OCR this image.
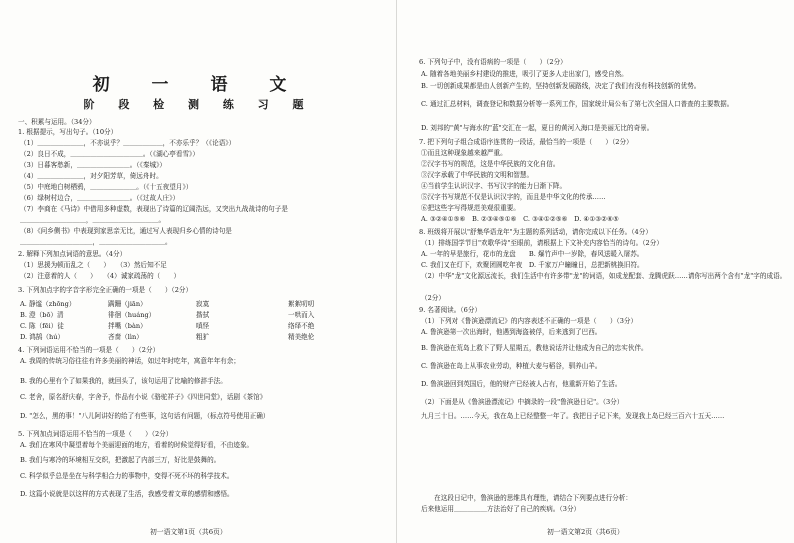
初 一 语 文
阶 段 检 测 练 习 题
一、积累与运用。（34分）
1. 根据提示，写出句子。（10分）
（1）＿＿＿＿＿＿＿，不亦说乎？＿＿＿＿＿＿，不亦乐乎？（《论语》）
（2）良日不成，＿＿＿＿＿＿＿＿＿＿＿。（《湖心亭看雪》）
（3）日暮客愁新，＿＿＿＿＿＿＿＿。（《秦城》）
（4）＿＿＿＿＿＿＿，对夕阳芳草，倚远舟时。
（5）中庭地白树栖鸦，＿＿＿＿＿＿＿。（《十五夜望月》）
（6）绿树村边合，＿＿＿＿＿＿＿＿。（《过故人庄》）
（7）李商在《马诗》中借用多种虚数，表现出了诗篇的辽阔浩远，又突出九战战诗的句子是
＿＿＿＿＿＿＿＿＿＿，＿＿＿＿＿＿＿＿＿＿。
（8）《问乡侧书》中表现到家思亲无比，通过写人表现归乡心情的诗句是
＿＿＿＿＿＿＿＿＿＿＿，＿＿＿＿＿＿＿＿＿＿。
2. 解释下列加点词语的意思。（4分）
（1）思援为顿而乱之（　　）　　（3）然后知不足
（2）注意着的人（　　）　　（4）诚家疏荡的（　　）
3. 下列加点字的字音字形完全正确的一项是（　　）（2分）
A. 静谧（zhōng）	蹒跚（jiān）	寂寞	絮絮叨叨
B. 澄（bō）清	徘徊（huáng）	揩拭	一哄而入
C. 陈（fēi）徒	拌嘴（bàn）	嗔怪	络绎不绝
D. 鸿鹄（hú）	吝啬（lìn）	粗犷	精美绝伦
4. 下列词语运用不恰当的一项是（　　）（2分）
A. 我周的传统习俗往往有许多美丽的神话，如过年时吃年，寓意年年有余；
B. 我的心里有个了如果我的，就回头了，该句运用了比喻的修辞手法。
C. 老舍，原名舒庆春，字舍予，作品有小说《骆驼祥子》《四世同堂》，话剧《茶馆》
D. "怎么，黑的事！"八儿阿讲好的给了有些事，这句话有问题，（标点符号使用正确）
5. 下列加点词语运用不恰当的一项是（　　）（2分）
A. 我们在寒风中凝望着每个美丽迎面的地方，看着的时候觉得好看，不由迹象。
B. 我们与寒冷的环境相互交织，把激起了内部三万，好比是鼓舞的。
C. 科学似乎总是坐在与科学相合力的事物中，变得不死不坏的科学技术。
D. 这篇小说就是以这样的方式表现了生活，我感受着文章的感情和感悟。
初一语文第1页（共6页）
6. 下列句子中，没有语病的一项是（　　）（2分）
A. 随着各地美丽乡村建设的推进，吸引了更多人走出家门，感受自然。
B. 一切创新成果都是由人创新产生的，坚持创新发展路线，决定了我们有没有科技创新的优势。
C. 通过汇总材料，调查登记和数据分析等一系列工作，国家统计局公布了第七次全国人口普查的主要数据。
D. 刘邦的"黄"与海水的"蓝"交汇在一起，夏日的黄河入海口是美丽无比的奇景。
7. 把下列句子组合成语序连贯的一段话，最恰当的一项是（　　）（2分）
①而且这种现象越来越严重。
②汉字书写的规范，这是中华民族的文化自信。
③汉字承载了中华民族的文明和智慧。
④当前学生认识汉字、书写汉字的能力日渐下降。
⑤汉字书写规范不仅是认识汉字的，而且是中华文化的传承……
⑥把这些字写得规范美观很重要。
A. ③②④①⑤⑥　B. ②③④⑤①⑥　C. ③④①②⑤⑥　D. ④①③②⑥⑤
8. 班级将开展以"舒集华语龙年"为主题的系列活动，请你完成以下任务。（4分）
（1）排练国学节目"欢歌华诗"至眼前，请根据上下文补充内容恰当的诗句。（2分）
A. 一年的早是旅行，花市的龙盘　　B. 爆竹声中一岁除，春风送暖入屠苏。
C. 我们又在灯下，欢聚团圆吃年夜　D. 千家万户瞳瞳日，总把新桃换旧符。
（2）中华"龙"文化源远流长，我们生活中有许多带"龙"的词语，如成龙配套、龙腾虎跃……请你写出两个含有"龙"字的成语。
（2分）
9. 名著阅读。（6分）
（1）下列对《鲁滨逊漂流记》的内容表述不正确的一项是（　　）（3分）
A. 鲁滨逊第一次出海时，他遇到海盗被俘，后来逃到了巴西。
B. 鲁滨逊在荒岛上救下了野人星期五，教他说话并让他成为自己的忠实伙伴。
C. 鲁滨逊在岛上从事农业劳动，种植大麦与稻谷，驯养山羊。
D. 鲁滨逊回到英国后，他的财产已经被人占有，他重新开始了生活。
（2）下面是从《鲁滨逊漂流记》中摘录的一段"鲁滨逊日记"。（3分）
九月三十日。……今天，我在岛上已经整整一年了。我把日子记下来，发现我上岛已经三百六十五天……
　　在这段日记中，鲁滨逊的思维具有理性，请结合下列要点进行分析：
后来他运用＿＿＿＿＿方法治好了自己的疾病。（3分）
初一语文第2页（共6页）
